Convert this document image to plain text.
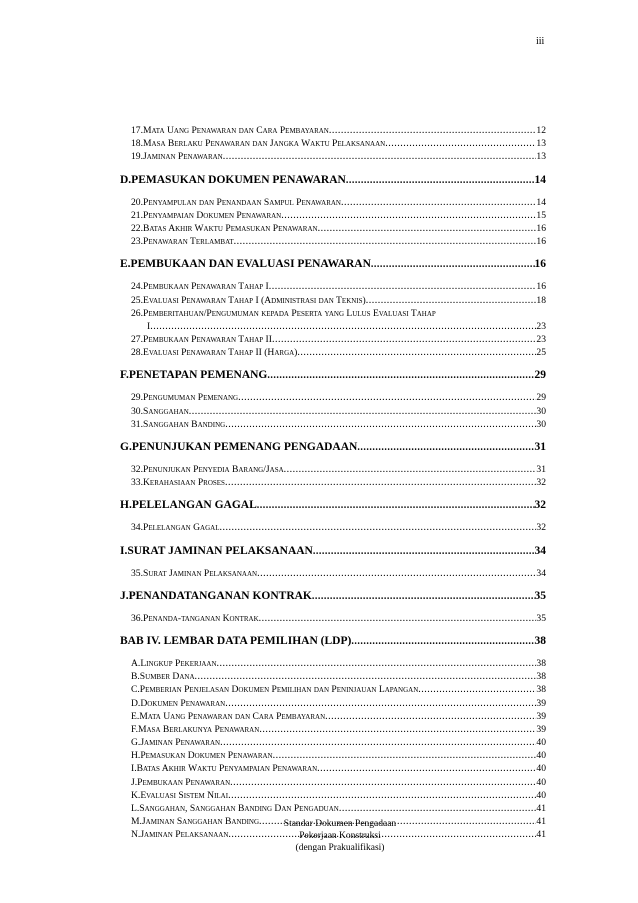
iii
17.Mata Uang Penawaran dan Cara Pembayaran .....	12
18.Masa Berlaku Penawaran dan Jangka Waktu Pelaksanaan .....	13
19.Jaminan Penawaran .....	13
D.PEMASUKAN DOKUMEN PENAWARAN .....	14
20.Penyampulan dan Penandaan Sampul Penawaran .....	14
21.Penyampaian Dokumen Penawaran .....	15
22.Batas Akhir Waktu Pemasukan Penawaran .....	16
23.Penawaran Terlambat .....	16
E.PEMBUKAAN DAN EVALUASI PENAWARAN .....	16
24.Pembukaan Penawaran Tahap I .....	16
25.Evaluasi Penawaran Tahap I (Administrasi dan Teknis) .....	18
26.Pemberitahuan/Pengumuman kepada Peserta yang Lulus Evaluasi Tahap
I .....	23
27.Pembukaan Penawaran Tahap II .....	23
28.Evaluasi Penawaran Tahap II (Harga) .....	25
F.PENETAPAN PEMENANG .....	29
29.Pengumuman Pemenang .....	29
30.Sanggahan .....	30
31.Sanggahan Banding .....	30
G.PENUNJUKAN PEMENANG PENGADAAN .....	31
32.Penunjukan Penyedia Barang/Jasa .....	31
33.Kerahasiaan Proses .....	32
H.PELELANGAN GAGAL .....	32
34.Pelelangan Gagal .....	32
I.SURAT JAMINAN PELAKSANAAN .....	34
35.Surat Jaminan Pelaksanaan .....	34
J.PENANDATANGANAN KONTRAK .....	35
36.Penanda-tanganan Kontrak .....	35
BAB IV. LEMBAR DATA PEMILIHAN (LDP) .....	38
A.Lingkup Pekerjaan .....	38
B.Sumber Dana .....	38
C.Pemberian Penjelasan Dokumen Pemilihan dan Peninjauan Lapangan .....	38
D.Dokumen Penawaran .....	39
E.Mata Uang Penawaran dan Cara Pembayaran .....	39
F.Masa Berlakunya Penawaran .....	39
G.Jaminan Penawaran .....	40
H.Pemasukan Dokumen Penawaran .....	40
I.Batas Akhir Waktu Penyampaian Penawaran .....	40
J.Pembukaan Penawaran .....	40
K.Evaluasi Sistem Nilai .....	40
L.Sanggahan, Sanggahan Banding Dan Pengaduan .....	41
M.Jaminan Sanggahan Banding .....	41
N.Jaminan Pelaksanaan .....	41
Standar Dokumen Pengadaan
Pekerjaan Konstruksi
(dengan Prakualifikasi)
